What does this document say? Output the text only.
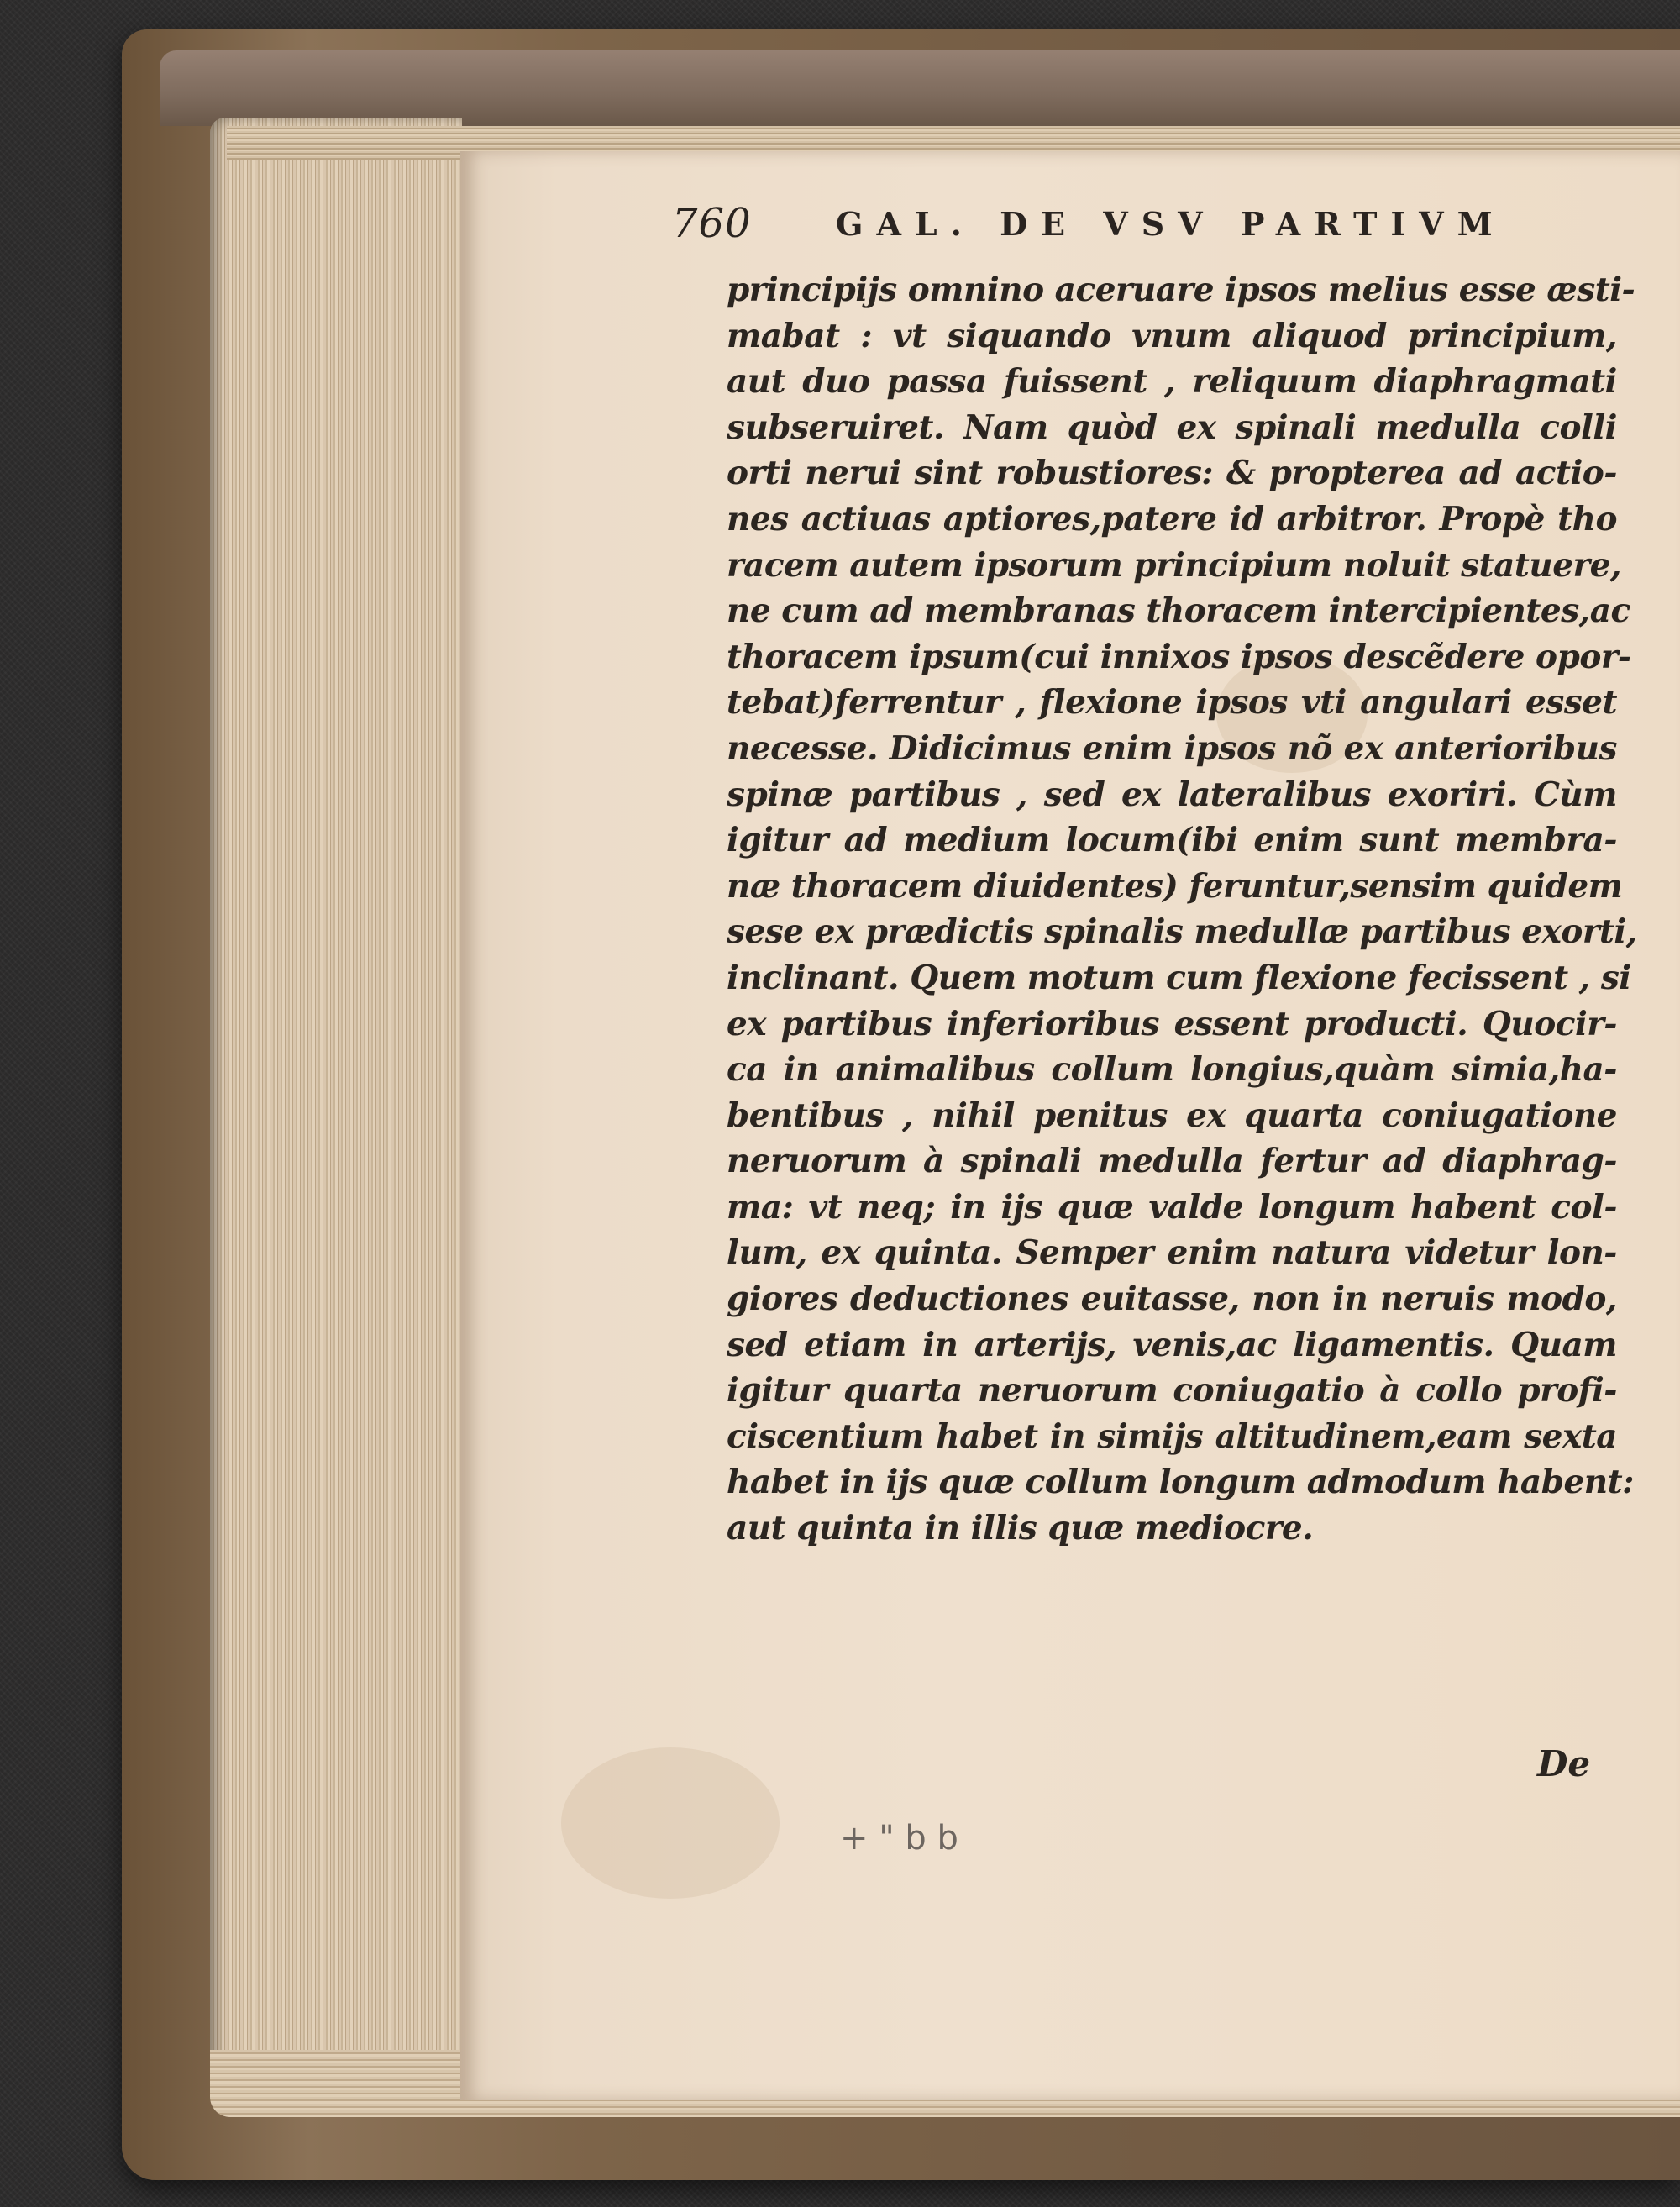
760	GAL. DE VSV PARTIVM
principijs omnino aceruare ipsos melius esse æsti-
mabat : vt siquando vnum aliquod principium,
aut duo passa fuissent , reliquum diaphragmati
subseruiret. Nam quòd ex spinali medulla colli
orti nerui sint robustiores: & propterea ad actio-
nes actiuas aptiores,patere id arbitror. Propè tho
racem autem ipsorum principium noluit statuere,
ne cum ad membranas thoracem intercipientes,ac
thoracem ipsum(cui innixos ipsos descẽdere opor-
tebat)ferrentur , flexione ipsos vti angulari esset
necesse. Didicimus enim ipsos nõ ex anterioribus
spinæ partibus , sed ex lateralibus exoriri. Cùm
igitur ad medium locum(ibi enim sunt membra-
næ thoracem diuidentes) feruntur,sensim quidem
sese ex prædictis spinalis medullæ partibus exorti,
inclinant. Quem motum cum flexione fecissent , si
ex partibus inferioribus essent producti. Quocir-
ca in animalibus collum longius,quàm simia,ha-
bentibus , nihil penitus ex quarta coniugatione
neruorum à spinali medulla fertur ad diaphrag-
ma: vt neq; in ijs quæ valde longum habent col-
lum, ex quinta. Semper enim natura videtur lon-
giores deductiones euitasse, non in neruis modo,
sed etiam in arterijs, venis,ac ligamentis. Quam
igitur quarta neruorum coniugatio à collo profi-
ciscentium habet in simijs altitudinem,eam sexta
habet in ijs quæ collum longum admodum habent:
aut quinta in illis quæ mediocre.
De
+ " b b
